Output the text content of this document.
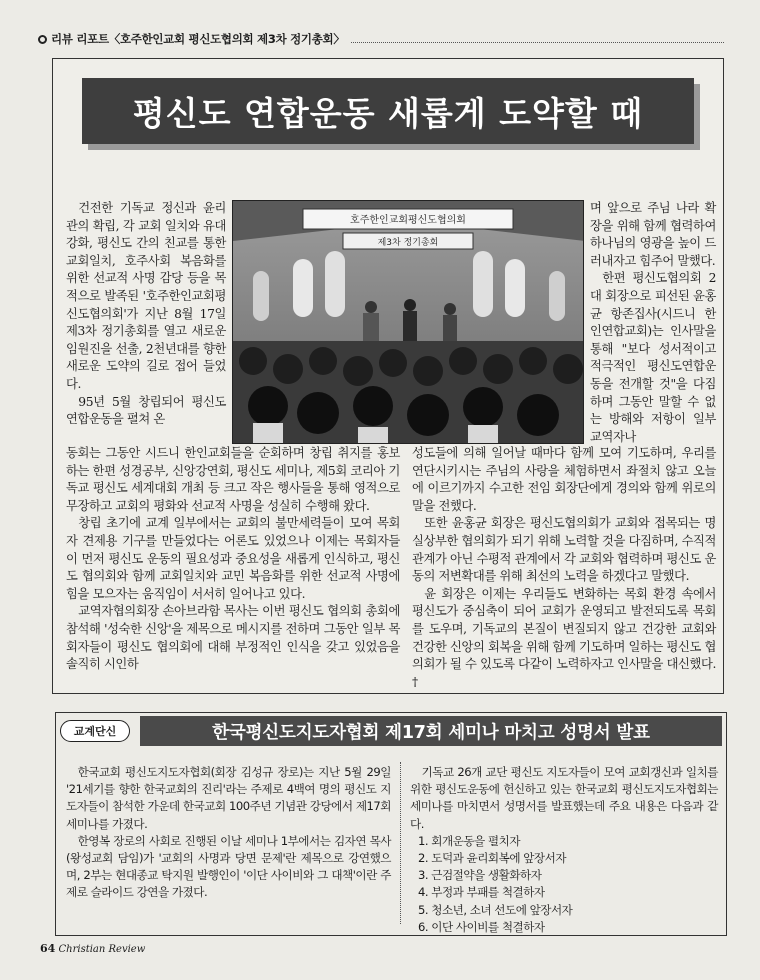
리뷰 리포트〈호주한인교회 평신도협의회 제3차 정기총회〉
평신도 연합운동 새롭게 도약할 때

건전한 기독교 정신과 윤리관의 확립, 각 교회 일치와 유대강화, 평신도 간의 친교를 통한 교회일치, 호주사회 복음화를 위한 선교적 사명 감당 등을 목적으로 발족된 '호주한인교회평신도협의회'가 지난 8월 17일 제3차 정기총회를 열고 새로운 임원진을 선출, 2천년대를 향한 새로운 도약의 길로 접어 들었다.

95년 5월 창립되어 평신도 연합운동을 펼쳐 온

호주한인교회평신도협의회
제3차 정기총회

며 앞으로 주님 나라 확장을 위해 함께 협력하여 하나님의 영광을 높이 드러내자고 힘주어 말했다.

한편 평신도협의회 2대 회장으로 피선된 윤홍균 항존집사(시드니 한인연합교회)는 인사말을 통해 "보다 성서적이고 적극적인 평신도연합운동을 전개할 것"을 다짐하며 그동안 말할 수 없는 방해와 저항이 일부 교역자나

동회는 그동안 시드니 한인교회들을 순회하며 창립 취지를 홍보하는 한편 성경공부, 신앙강연회, 평신도 세미나, 제5회 코리아 기독교 평신도 세계대회 개최 등 크고 작은 행사들을 통해 영적으로 무장하고 교회의 평화와 선교적 사명을 성실히 수행해 왔다.

창립 초기에 교계 일부에서는 교회의 불만세력들이 모여 목회자 견제용 기구를 만들었다는 어론도 있었으나 이제는 목회자들이 먼저 평신도 운동의 필요성과 중요성을 새롭게 인식하고, 평신도 협의회와 함께 교회일치와 교민 복음화를 위한 선교적 사명에 힘을 모으자는 움직임이 서서히 일어나고 있다.

교역자협의회장 손아브라함 목사는 이번 평신도 협의회 총회에 참석해 '성숙한 신앙'을 제목으로 메시지를 전하며 그동안 일부 목회자들이 평신도 협의회에 대해 부정적인 인식을 갖고 있었음을 솔직히 시인하

성도들에 의해 일어날 때마다 함께 모여 기도하며, 우리를 연단시키시는 주님의 사랑을 체험하면서 좌절치 않고 오늘에 이르기까지 수고한 전임 회장단에게 경의와 함께 위로의 말을 전했다.

또한 윤홍균 회장은 평신도협의회가 교회와 접목되는 명실상부한 협의회가 되기 위해 노력할 것을 다짐하며, 수직적 관계가 아닌 수평적 관계에서 각 교회와 협력하며 평신도 운동의 저변확대를 위해 최선의 노력을 하겠다고 말했다.

윤 회장은 이제는 우리들도 변화하는 목회 환경 속에서 평신도가 중심축이 되어 교회가 운영되고 발전되도록 목회를 도우며, 기독교의 본질이 변질되지 않고 건강한 교회와 건강한 신앙의 회복을 위해 함께 기도하며 일하는 평신도 협의회가 될 수 있도록 다같이 노력하자고 인사말을 대신했다. †

교계단신	한국평신도지도자협회 제17회 세미나 마치고 성명서 발표

한국교회 평신도지도자협회(회장 김성규 장로)는 지난 5월 29일 '21세기를 향한 한국교회의 진리'라는 주제로 4백여 명의 평신도 지도자들이 참석한 가운데 한국교회 100주년 기념관 강당에서 제17회 세미나를 가졌다.

한영복 장로의 사회로 진행된 이날 세미나 1부에서는 김자연 목사(왕성교회 담임)가 '교회의 사명과 당면 문제'란 제목으로 강연했으며, 2부는 현대종교 탁지원 발행인이 '이단 사이비와 그 대책'이란 주제로 슬라이드 강연을 가졌다.

기독교 26개 교단 평신도 지도자들이 모여 교회갱신과 일치를 위한 평신도운동에 헌신하고 있는 한국교회 평신도지도자협회는 세미나를 마치면서 성명서를 발표했는데 주요 내용은 다음과 같다.

1. 회개운동을 펼치자
2. 도덕과 윤리회복에 앞장서자
3. 근검절약을 생활화하자
4. 부정과 부패를 척결하자
5. 청소년, 소녀 선도에 앞장서자
6. 이단 사이비를 척결하자
64 Christian Review
